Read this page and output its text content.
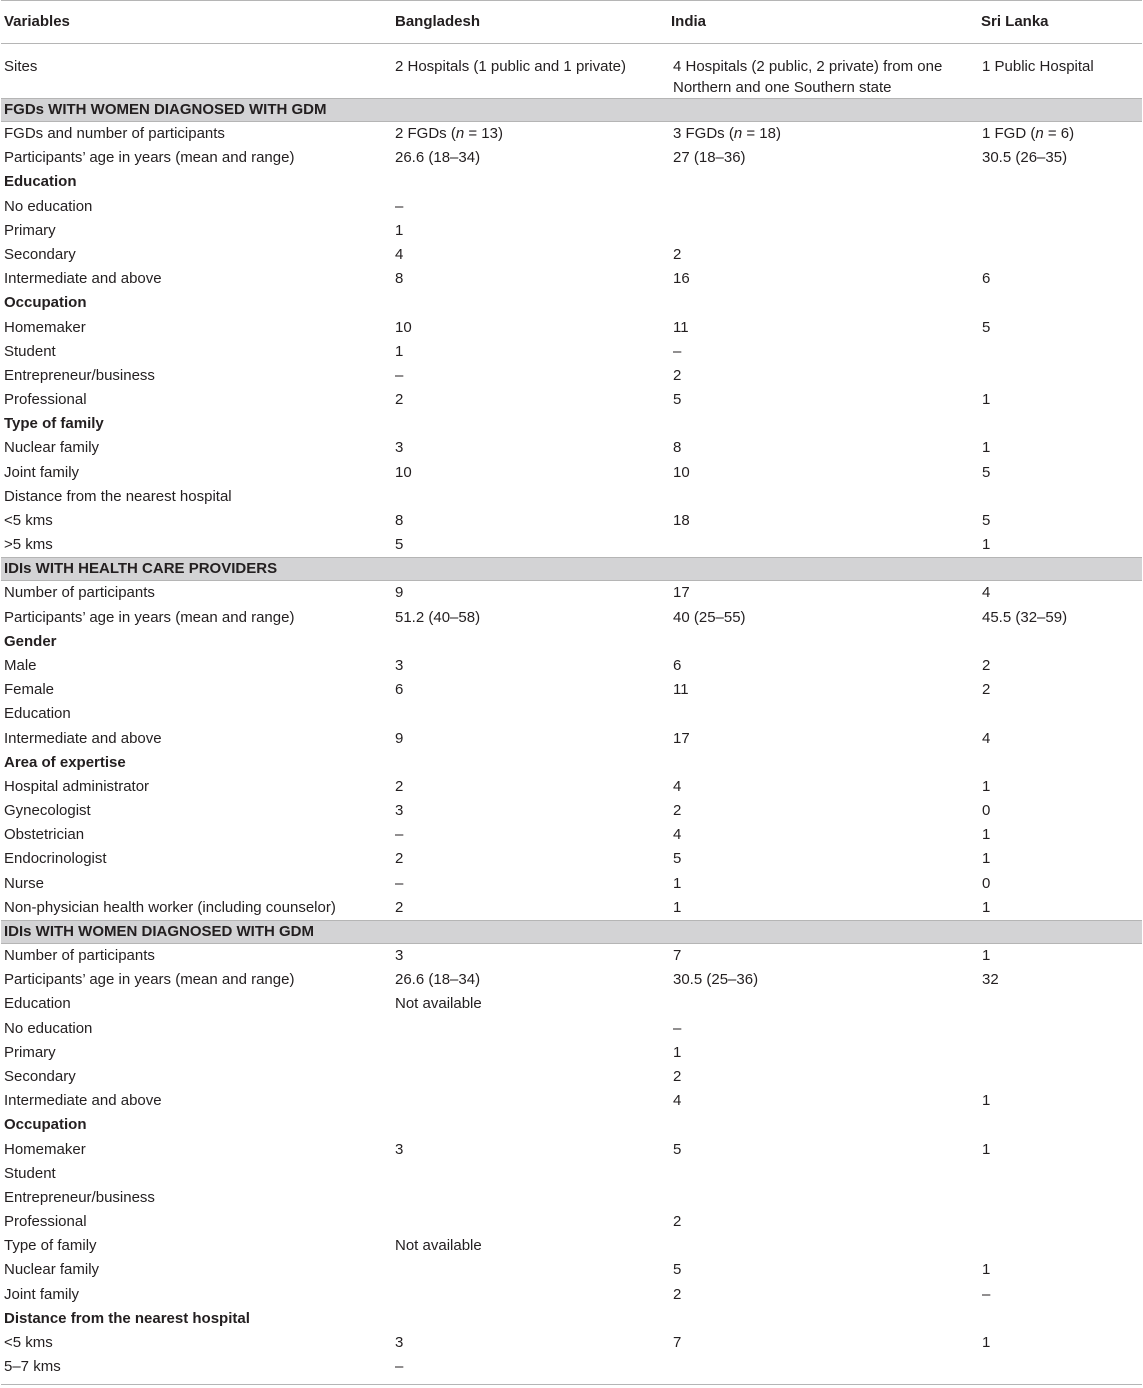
Variables	Bangladesh	India	Sri Lanka
Sites	2 Hospitals (1 public and 1 private)	4 Hospitals (2 public, 2 private) from one Northern and one Southern state	1 Public Hospital
FGDs WITH WOMEN DIAGNOSED WITH GDM			
FGDs and number of participants	2 FGDs (n = 13)	3 FGDs (n = 18)	1 FGD (n = 6)
Participants’ age in years (mean and range)	26.6 (18–34)	27 (18–36)	30.5 (26–35)
Education			
No education	–		
Primary	1		
Secondary	4	2	
Intermediate and above	8	16	6
Occupation			
Homemaker	10	11	5
Student	1	–	
Entrepreneur/business	–	2	
Professional	2	5	1
Type of family			
Nuclear family	3	8	1
Joint family	10	10	5
Distance from the nearest hospital			
<5 kms	8	18	5
>5 kms	5		1
IDIs WITH HEALTH CARE PROVIDERS			
Number of participants	9	17	4
Participants’ age in years (mean and range)	51.2 (40–58)	40 (25–55)	45.5 (32–59)
Gender			
Male	3	6	2
Female	6	11	2
Education			
Intermediate and above	9	17	4
Area of expertise			
Hospital administrator	2	4	1
Gynecologist	3	2	0
Obstetrician	–	4	1
Endocrinologist	2	5	1
Nurse	–	1	0
Non-physician health worker (including counselor)	2	1	1
IDIs WITH WOMEN DIAGNOSED WITH GDM			
Number of participants	3	7	1
Participants’ age in years (mean and range)	26.6 (18–34)	30.5 (25–36)	32
Education	Not available		
No education		–	
Primary		1	
Secondary		2	
Intermediate and above		4	1
Occupation			
Homemaker	3	5	1
Student			
Entrepreneur/business			
Professional		2	
Type of family	Not available		
Nuclear family		5	1
Joint family		2	–
Distance from the nearest hospital			
<5 kms	3	7	1
5–7 kms	–		
